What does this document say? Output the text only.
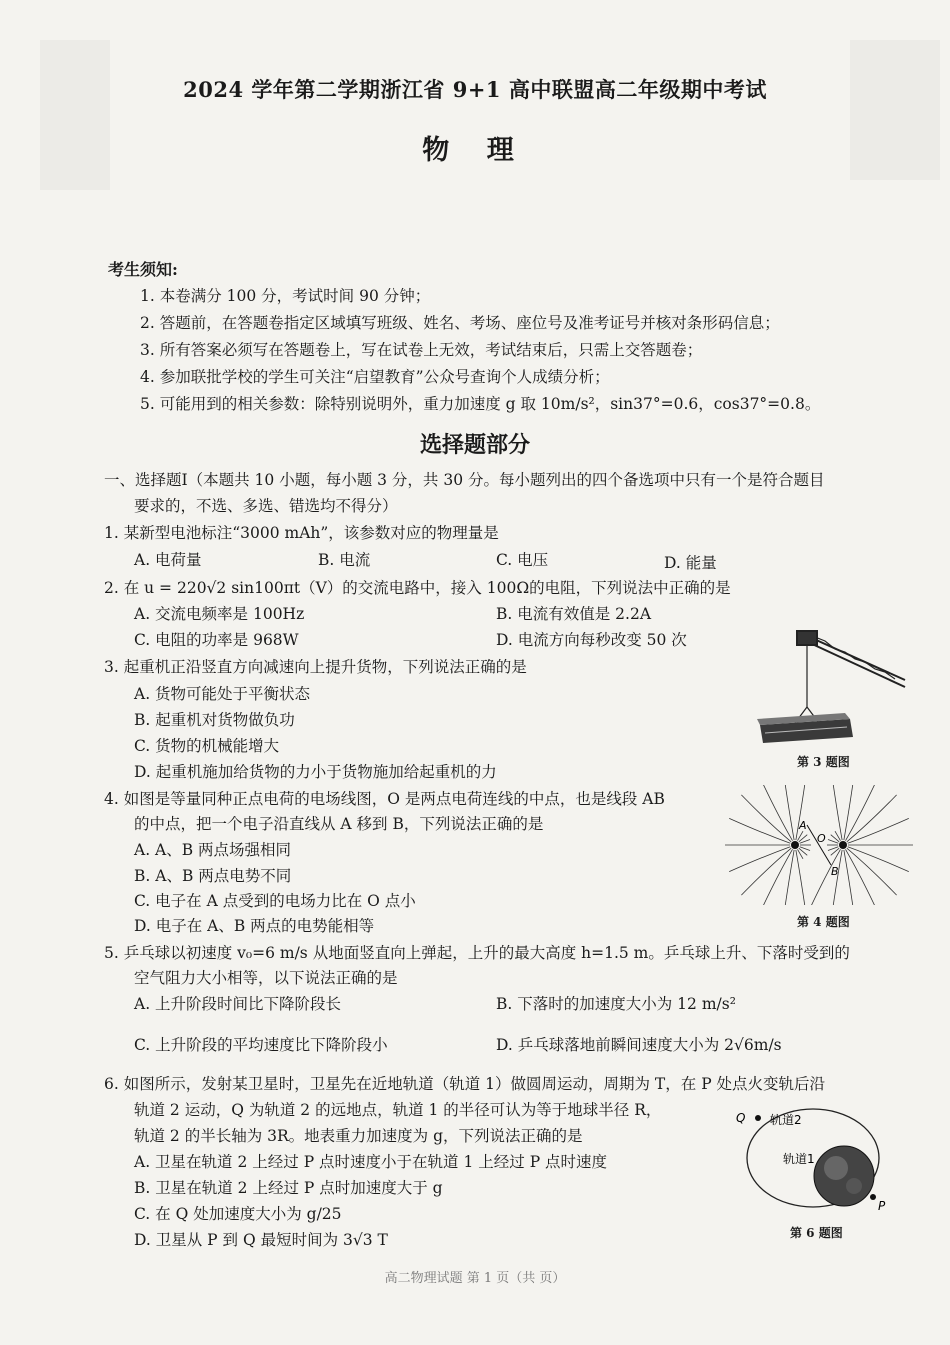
2024 学年第二学期浙江省 9+1 高中联盟高二年级期中考试
物 理
考生须知:
1. 本卷满分 100 分，考试时间 90 分钟；
2. 答题前，在答题卷指定区域填写班级、姓名、考场、座位号及准考证号并核对条形码信息；
3. 所有答案必须写在答题卷上，写在试卷上无效，考试结束后，只需上交答题卷；
4. 参加联批学校的学生可关注“启望教育”公众号查询个人成绩分析；
5. 可能用到的相关参数：除特别说明外，重力加速度 g 取 10m/s²，sin37°=0.6，cos37°=0.8。
选择题部分
一、选择题Ⅰ（本题共 10 小题，每小题 3 分，共 30 分。每小题列出的四个备选项中只有一个是符合题目
要求的，不选、多选、错选均不得分）
1. 某新型电池标注“3000 mAh”，该参数对应的物理量是
A. 电荷量	B. 电流	C. 电压	D. 能量
2. 在 u = 220√2 sin100πt（V）的交流电路中，接入 100Ω的电阻，下列说法中正确的是
A. 交流电频率是 100Hz	B. 电流有效值是 2.2A
C. 电阻的功率是 968W	D. 电流方向每秒改变 50 次
3. 起重机正沿竖直方向减速向上提升货物，下列说法正确的是
A. 货物可能处于平衡状态
B. 起重机对货物做负功
C. 货物的机械能增大
D. 起重机施加给货物的力小于货物施加给起重机的力
第 3 题图
4. 如图是等量同种正点电荷的电场线图，O 是两点电荷连线的中点，也是线段 AB
的中点，把一个电子沿直线从 A 移到 B，下列说法正确的是
A. A、B 两点场强相同
B. A、B 两点电势不同
C. 电子在 A 点受到的电场力比在 O 点小
D. 电子在 A、B 两点的电势能相等
A
O
B
第 4 题图
5. 乒乓球以初速度 v₀=6 m/s 从地面竖直向上弹起，上升的最大高度 h=1.5 m。乒乓球上升、下落时受到的
空气阻力大小相等，以下说法正确的是
A. 上升阶段时间比下降阶段长	B. 下落时的加速度大小为 12 m/s²
C. 上升阶段的平均速度比下降阶段小	D. 乒乓球落地前瞬间速度大小为 2√6m/s
6. 如图所示，发射某卫星时，卫星先在近地轨道（轨道 1）做圆周运动，周期为 T，在 P 处点火变轨后沿
轨道 2 运动，Q 为轨道 2 的远地点，轨道 1 的半径可认为等于地球半径 R，
轨道 2 的半长轴为 3R。地表重力加速度为 g，下列说法正确的是
A. 卫星在轨道 2 上经过 P 点时速度小于在轨道 1 上经过 P 点时速度
B. 卫星在轨道 2 上经过 P 点时加速度大于 g
C. 在 Q 处加速度大小为 g/25
D. 卫星从 P 到 Q 最短时间为 3√3 T
Q 轨道2
轨道1
P
第 6 题图
高二物理试题 第 1 页（共 页）
